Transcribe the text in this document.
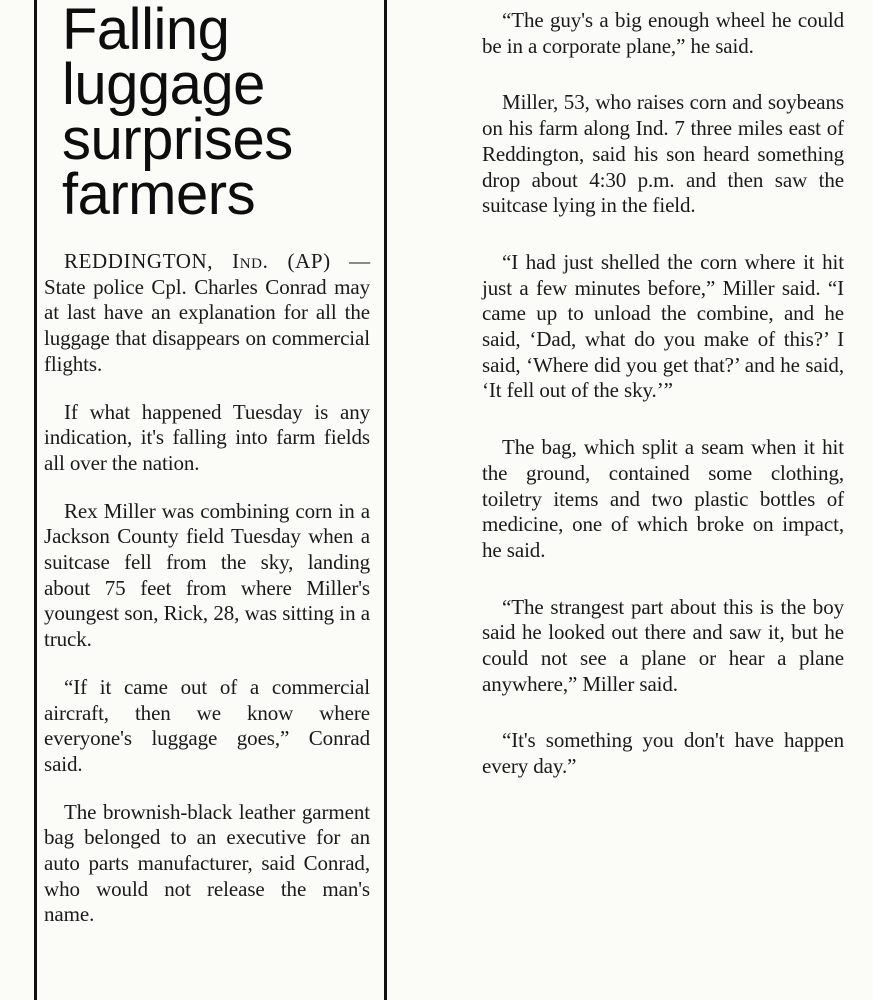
Falling luggage surprises farmers

REDDINGTON, Ind. (AP) — State police Cpl. Charles Conrad may at last have an explanation for all the luggage that disappears on commercial flights.

If what happened Tuesday is any indication, it's falling into farm fields all over the nation.

Rex Miller was combining corn in a Jackson County field Tuesday when a suitcase fell from the sky, landing about 75 feet from where Miller's youngest son, Rick, 28, was sitting in a truck.

“If it came out of a commercial aircraft, then we know where everyone's luggage goes,” Conrad said.

The brownish-black leather garment bag belonged to an executive for an auto parts manufacturer, said Conrad, who would not release the man's name.

“The guy's a big enough wheel he could be in a corporate plane,” he said.

Miller, 53, who raises corn and soybeans on his farm along Ind. 7 three miles east of Reddington, said his son heard something drop about 4:30 p.m. and then saw the suitcase lying in the field.

“I had just shelled the corn where it hit just a few minutes before,” Miller said. “I came up to unload the combine, and he said, ‘Dad, what do you make of this?’ I said, ‘Where did you get that?’ and he said, ‘It fell out of the sky.’”

The bag, which split a seam when it hit the ground, contained some clothing, toiletry items and two plastic bottles of medicine, one of which broke on impact, he said.

“The strangest part about this is the boy said he looked out there and saw it, but he could not see a plane or hear a plane anywhere,” Miller said.

“It's something you don't have happen every day.”
